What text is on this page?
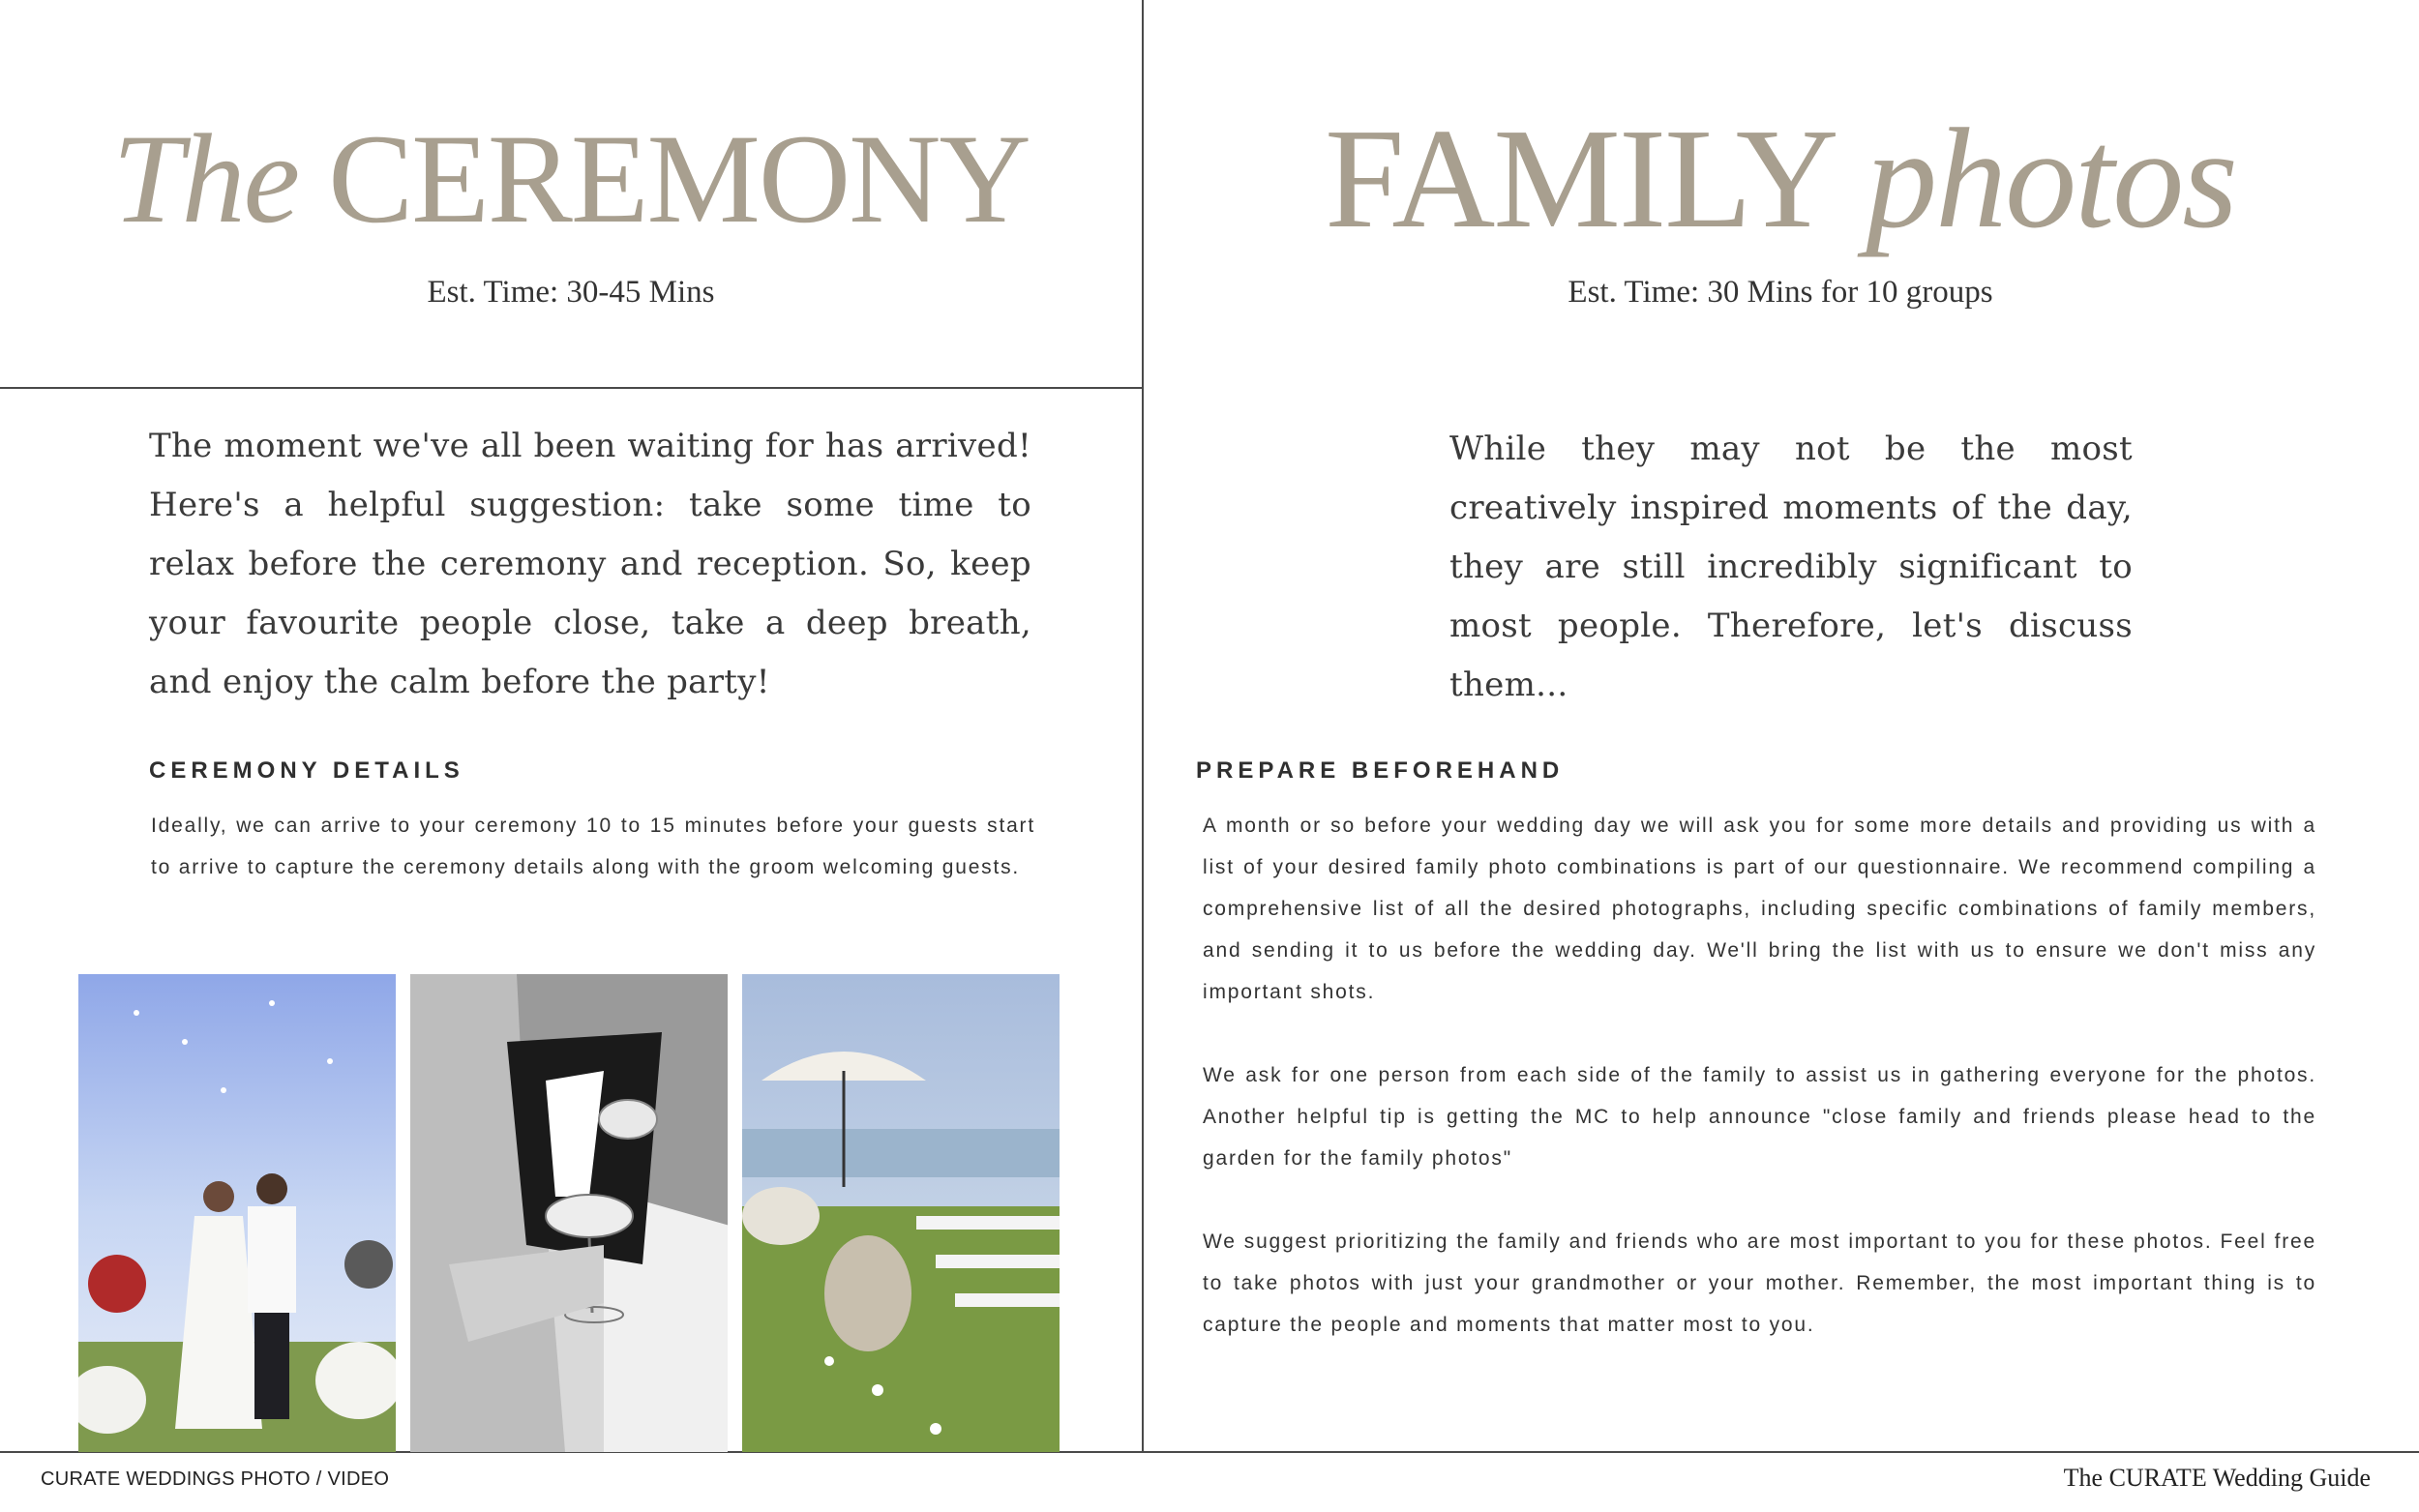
The CEREMONY
Est. Time: 30-45 Mins
The moment we've all been waiting for has arrived! Here's a helpful suggestion: take some time to relax before the ceremony and reception. So, keep your favourite people close, take a deep breath, and enjoy the calm before the party!
CEREMONY DETAILS
Ideally, we can arrive to your ceremony 10 to 15 minutes before your guests start to arrive to capture the ceremony details along with the groom welcoming guests.
FAMILY photos
Est. Time: 30 Mins for 10 groups
While they may not be the most creatively inspired moments of the day, they are still incredibly significant to most people. Therefore, let's discuss them...
PREPARE BEFOREHAND

A month or so before your wedding day we will ask you for some more details and providing us with a list of your desired family photo combinations is part of our questionnaire. We recommend compiling a comprehensive list of all the desired photographs, including specific combinations of family members, and sending it to us before the wedding day. We'll bring the list with us to ensure we don't miss any important shots.

We ask for one person from each side of the family to assist us in gathering everyone for the photos. Another helpful tip is getting the MC to help announce "close family and friends please head to the garden for the family photos"

We suggest prioritizing the family and friends who are most important to you for these photos. Feel free to take photos with just your grandmother or your mother. Remember, the most important thing is to capture the people and moments that matter most to you.

CURATE WEDDINGS PHOTO / VIDEO	The CURATE Wedding Guide
